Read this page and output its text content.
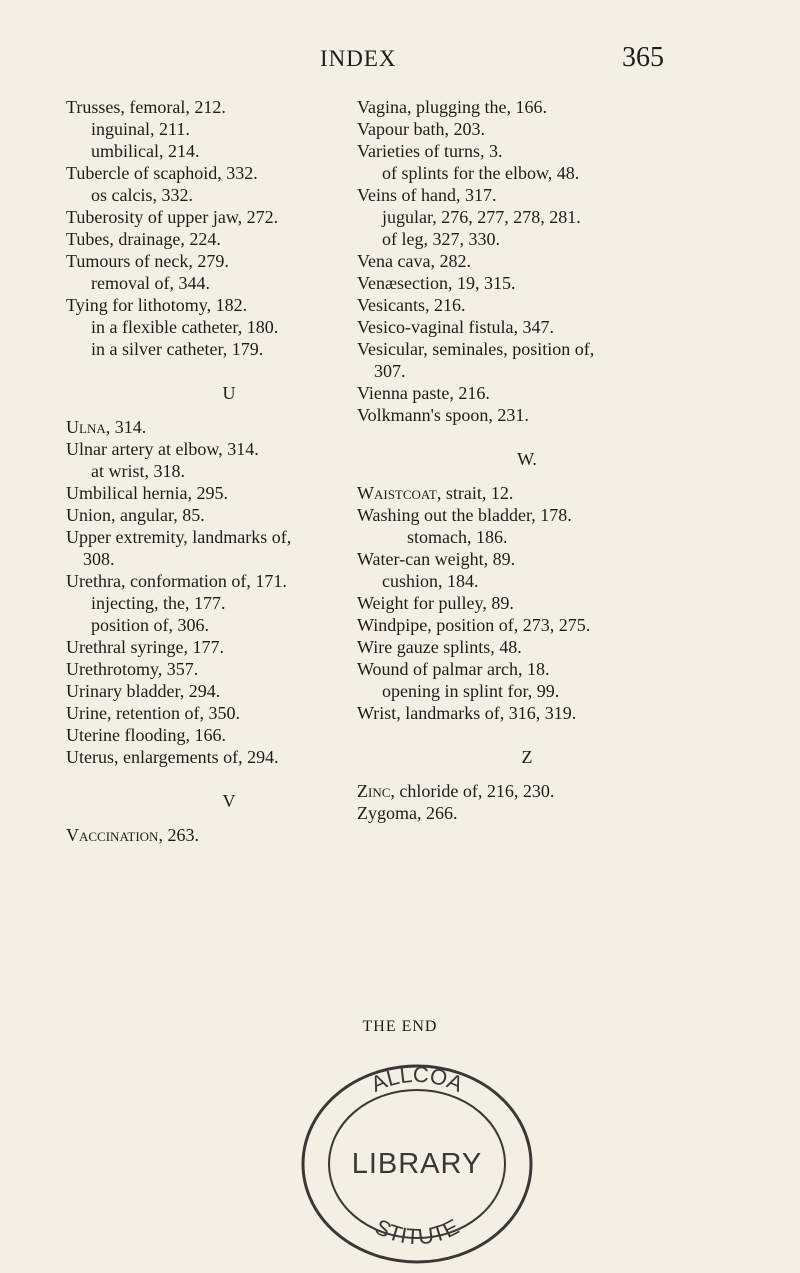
INDEX	365
Trusses, femoral, 212.
inguinal, 211.
umbilical, 214.
Tubercle of scaphoid, 332.
os calcis, 332.
Tuberosity of upper jaw, 272.
Tubes, drainage, 224.
Tumours of neck, 279.
removal of, 344.
Tying for lithotomy, 182.
in a flexible catheter, 180.
in a silver catheter, 179.
U
Ulna, 314.
Ulnar artery at elbow, 314.
at wrist, 318.
Umbilical hernia, 295.
Union, angular, 85.
Upper extremity, landmarks of,
308.
Urethra, conformation of, 171.
injecting, the, 177.
position of, 306.
Urethral syringe, 177.
Urethrotomy, 357.
Urinary bladder, 294.
Urine, retention of, 350.
Uterine flooding, 166.
Uterus, enlargements of, 294.
V
Vaccination, 263.
Vagina, plugging the, 166.
Vapour bath, 203.
Varieties of turns, 3.
of splints for the elbow, 48.
Veins of hand, 317.
jugular, 276, 277, 278, 281.
of leg, 327, 330.
Vena cava, 282.
Venæsection, 19, 315.
Vesicants, 216.
Vesico-vaginal fistula, 347.
Vesicular, seminales, position of,
307.
Vienna paste, 216.
Volkmann's spoon, 231.
W.
Waistcoat, strait, 12.
Washing out the bladder, 178.
stomach, 186.
Water-can weight, 89.
cushion, 184.
Weight for pulley, 89.
Windpipe, position of, 273, 275.
Wire gauze splints, 48.
Wound of palmar arch, 18.
opening in splint for, 99.
Wrist, landmarks of, 316, 319.
Z
Zinc, chloride of, 216, 230.
Zygoma, 266.
THE END
ALLCOA
LIBRARY
STITUTE
